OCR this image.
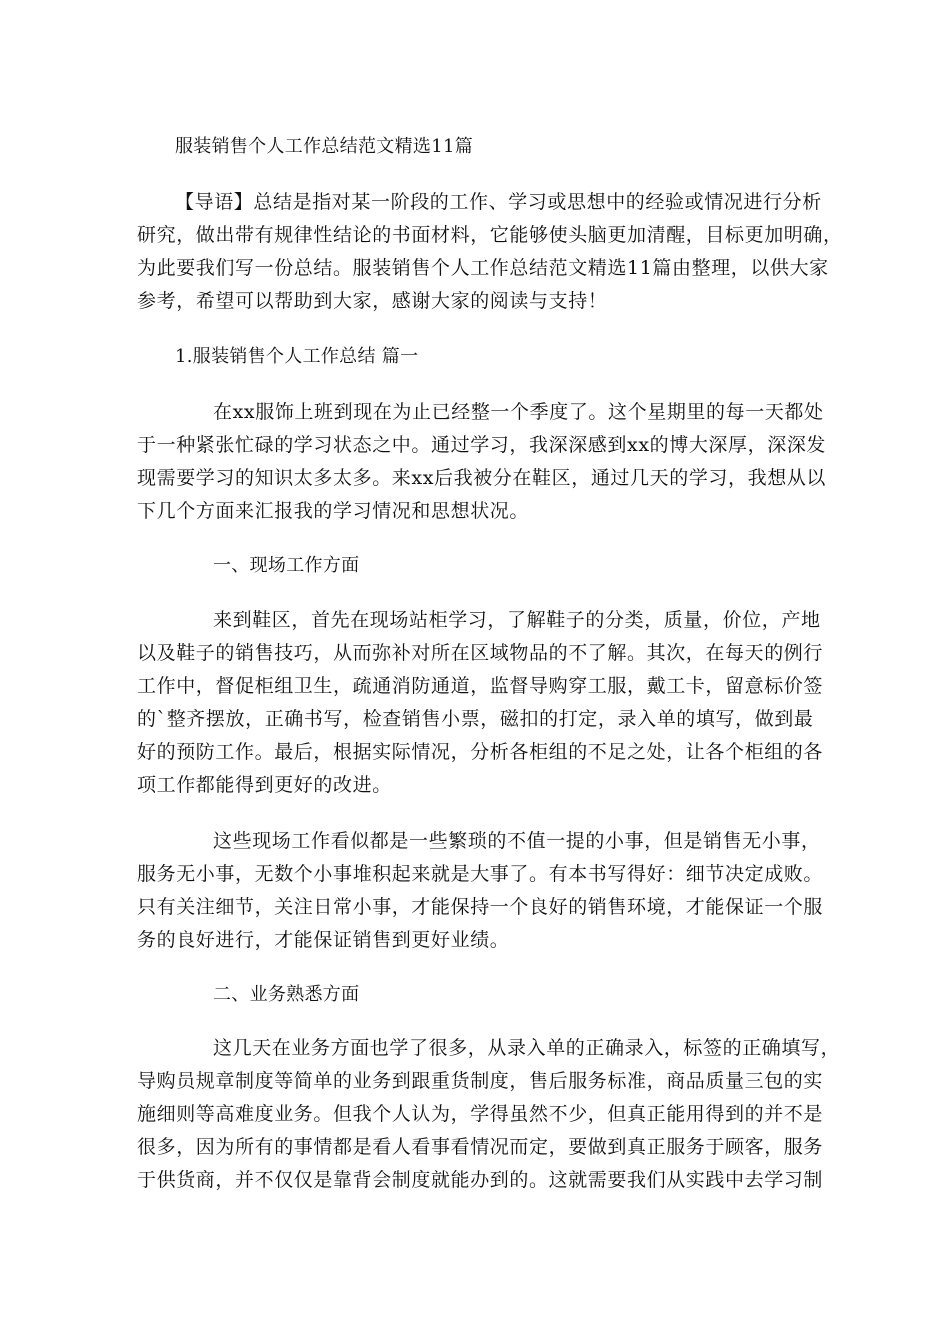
服装销售个人工作总结范文精选11篇
【导语】总结是指对某一阶段的工作、学习或思想中的经验或情况进行分析
研究，做出带有规律性结论的书面材料，它能够使头脑更加清醒，目标更加明确，
为此要我们写一份总结。服装销售个人工作总结范文精选11篇由整理，以供大家
参考，希望可以帮助到大家，感谢大家的阅读与支持！
1.服装销售个人工作总结 篇一
在xx服饰上班到现在为止已经整一个季度了。这个星期里的每一天都处
于一种紧张忙碌的学习状态之中。通过学习，我深深感到xx的博大深厚，深深发
现需要学习的知识太多太多。来xx后我被分在鞋区，通过几天的学习，我想从以
下几个方面来汇报我的学习情况和思想状况。
一、现场工作方面
来到鞋区，首先在现场站柜学习，了解鞋子的分类，质量，价位，产地
以及鞋子的销售技巧，从而弥补对所在区域物品的不了解。其次，在每天的例行
工作中，督促柜组卫生，疏通消防通道，监督导购穿工服，戴工卡，留意标价签
的`整齐摆放，正确书写，检查销售小票，磁扣的打定，录入单的填写，做到最
好的预防工作。最后，根据实际情况，分析各柜组的不足之处，让各个柜组的各
项工作都能得到更好的改进。
这些现场工作看似都是一些繁琐的不值一提的小事，但是销售无小事，
服务无小事，无数个小事堆积起来就是大事了。有本书写得好：细节决定成败。
只有关注细节，关注日常小事，才能保持一个良好的销售环境，才能保证一个服
务的良好进行，才能保证销售到更好业绩。
二、业务熟悉方面
这几天在业务方面也学了很多，从录入单的正确录入，标签的正确填写，
导购员规章制度等简单的业务到跟重货制度，售后服务标准，商品质量三包的实
施细则等高难度业务。但我个人认为，学得虽然不少，但真正能用得到的并不是
很多，因为所有的事情都是看人看事看情况而定，要做到真正服务于顾客，服务
于供货商，并不仅仅是靠背会制度就能办到的。这就需要我们从实践中去学习制
